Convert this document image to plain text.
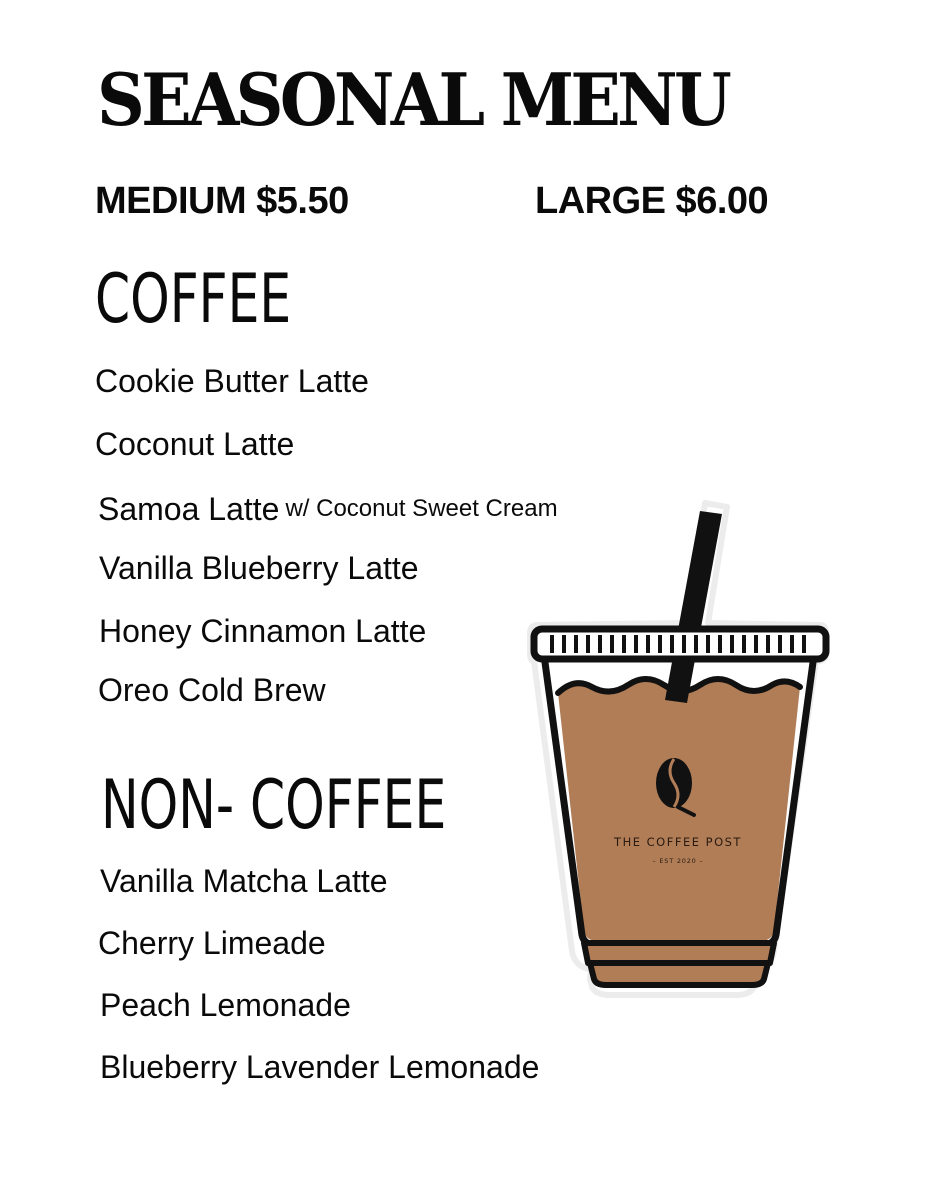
SEASONAL MENU
MEDIUM $5.50	LARGE $6.00
COFFEE
Cookie Butter Latte
Coconut Latte
Samoa Latte w/ Coconut Sweet Cream
Vanilla Blueberry Latte
Honey Cinnamon Latte
Oreo Cold Brew
NON- COFFEE
Vanilla Matcha Latte
Cherry Limeade
Peach Lemonade
Blueberry Lavender Lemonade
THE COFFEE POST
– EST 2020 –
